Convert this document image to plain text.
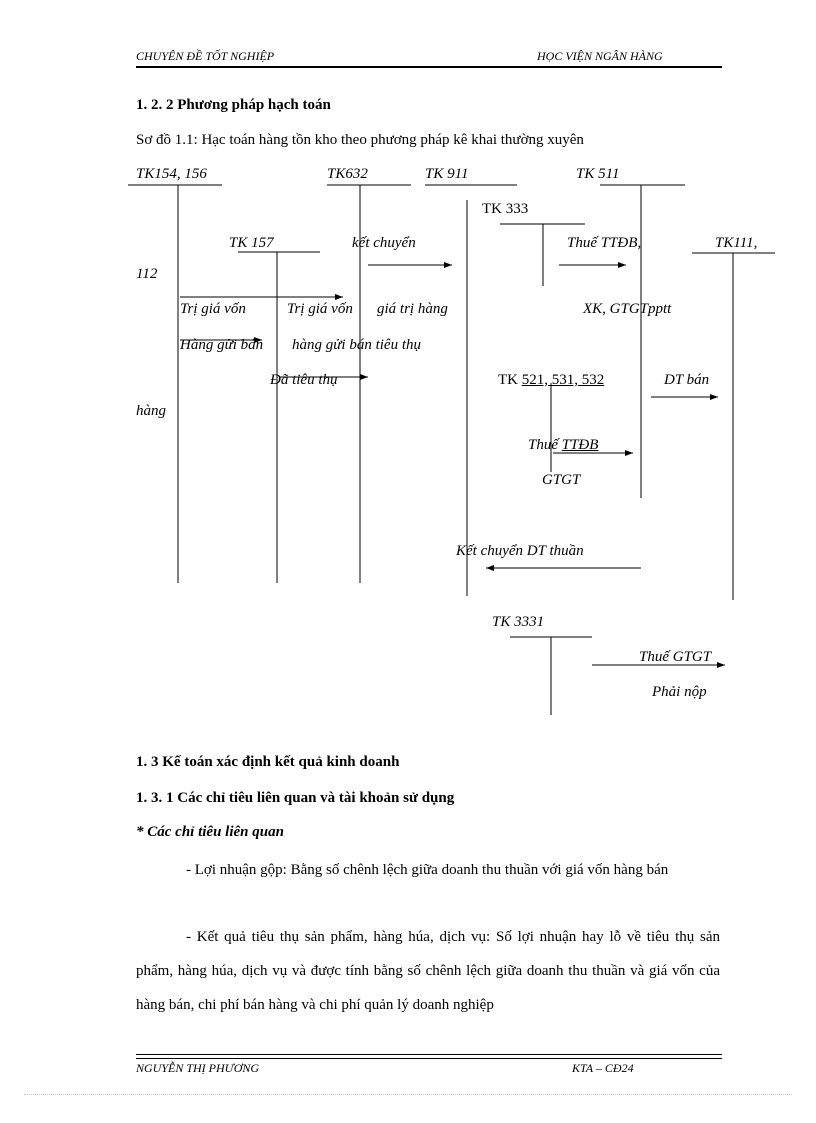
CHUYÊN ĐỀ TỐT NGHIỆP	HỌC VIỆN NGÂN HÀNG
1. 2. 2 Phương pháp hạch toán
Sơ đồ 1.1: Hạc toán hàng tồn kho theo phương pháp kê khai thường xuyên
TK154, 156	TK632	TK 911	TK 511
TK 333
TK 157	kết chuyển	Thuế TTĐB,	TK111,
112
Trị giá vốn	Trị giá vốn giá trị hàng	XK, GTGTpptt
Hàng gửi bán hàng gửi bán tiêu thụ
Đã tiêu thụ	TK 521, 531, 532	DT bán
hàng
Thuế TTĐB
GTGT
Kết chuyển DT thuần
TK 3331
Thuế GTGT
Phải nộp
1. 3 Kế toán xác định kết quả kinh doanh
1. 3. 1 Các chỉ tiêu liên quan và tài khoản sử dụng
* Các chỉ tiêu liên quan
- Lợi nhuận gộp: Bằng số chênh lệch giữa doanh thu thuần với giá vốn hàng bán
- Kết quả tiêu thụ sản phẩm, hàng húa, dịch vụ: Số lợi nhuận hay lỗ về tiêu thụ sản phẩm, hàng húa, dịch vụ và được tính bằng số chênh lệch giữa doanh thu thuần và giá vốn của hàng bán, chi phí bán hàng và chi phí quản lý doanh nghiệp
NGUYỄN THỊ PHƯƠNG	KTA – CĐ24
